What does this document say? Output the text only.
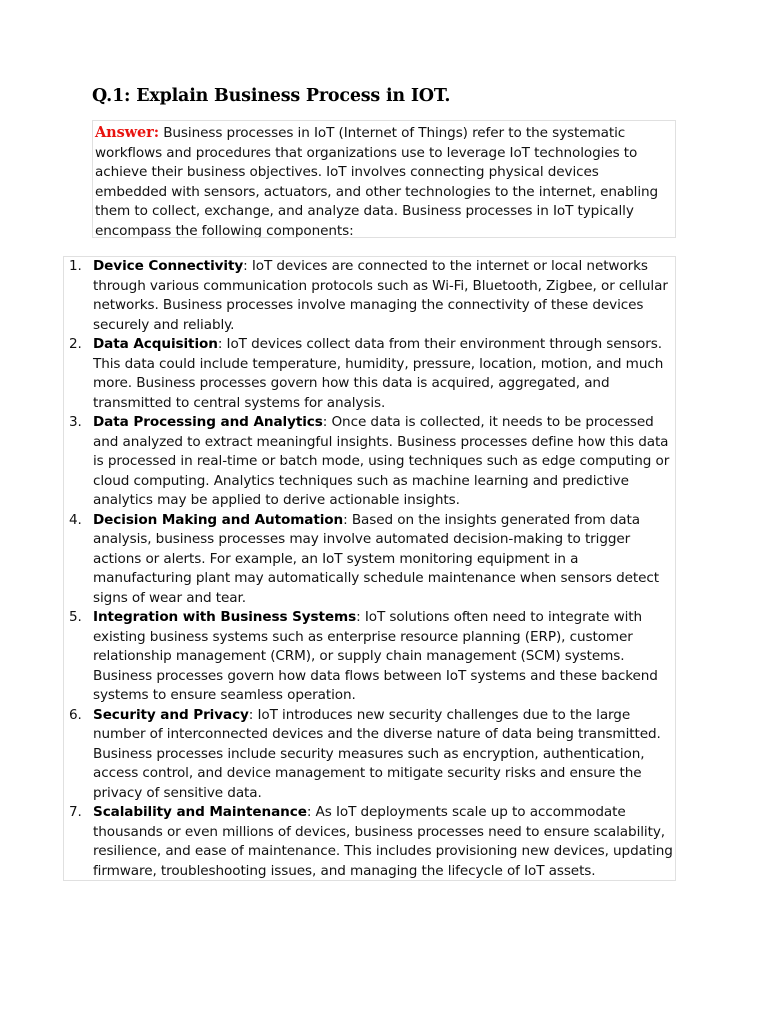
Q.1: Explain Business Process in IOT.
Answer: Business processes in IoT (Internet of Things) refer to the systematic workflows and procedures that organizations use to leverage IoT technologies to achieve their business objectives. IoT involves connecting physical devices embedded with sensors, actuators, and other technologies to the internet, enabling them to collect, exchange, and analyze data. Business processes in IoT typically encompass the following components:
1. Device Connectivity: IoT devices are connected to the internet or local networks through various communication protocols such as Wi-Fi, Bluetooth, Zigbee, or cellular networks. Business processes involve managing the connectivity of these devices securely and reliably.
2. Data Acquisition: IoT devices collect data from their environment through sensors. This data could include temperature, humidity, pressure, location, motion, and much more. Business processes govern how this data is acquired, aggregated, and transmitted to central systems for analysis.
3. Data Processing and Analytics: Once data is collected, it needs to be processed and analyzed to extract meaningful insights. Business processes define how this data is processed in real-time or batch mode, using techniques such as edge computing or cloud computing. Analytics techniques such as machine learning and predictive analytics may be applied to derive actionable insights.
4. Decision Making and Automation: Based on the insights generated from data analysis, business processes may involve automated decision-making to trigger actions or alerts. For example, an IoT system monitoring equipment in a manufacturing plant may automatically schedule maintenance when sensors detect signs of wear and tear.
5. Integration with Business Systems: IoT solutions often need to integrate with existing business systems such as enterprise resource planning (ERP), customer relationship management (CRM), or supply chain management (SCM) systems. Business processes govern how data flows between IoT systems and these backend systems to ensure seamless operation.
6. Security and Privacy: IoT introduces new security challenges due to the large number of interconnected devices and the diverse nature of data being transmitted. Business processes include security measures such as encryption, authentication, access control, and device management to mitigate security risks and ensure the privacy of sensitive data.
7. Scalability and Maintenance: As IoT deployments scale up to accommodate thousands or even millions of devices, business processes need to ensure scalability, resilience, and ease of maintenance. This includes provisioning new devices, updating firmware, troubleshooting issues, and managing the lifecycle of IoT assets.
